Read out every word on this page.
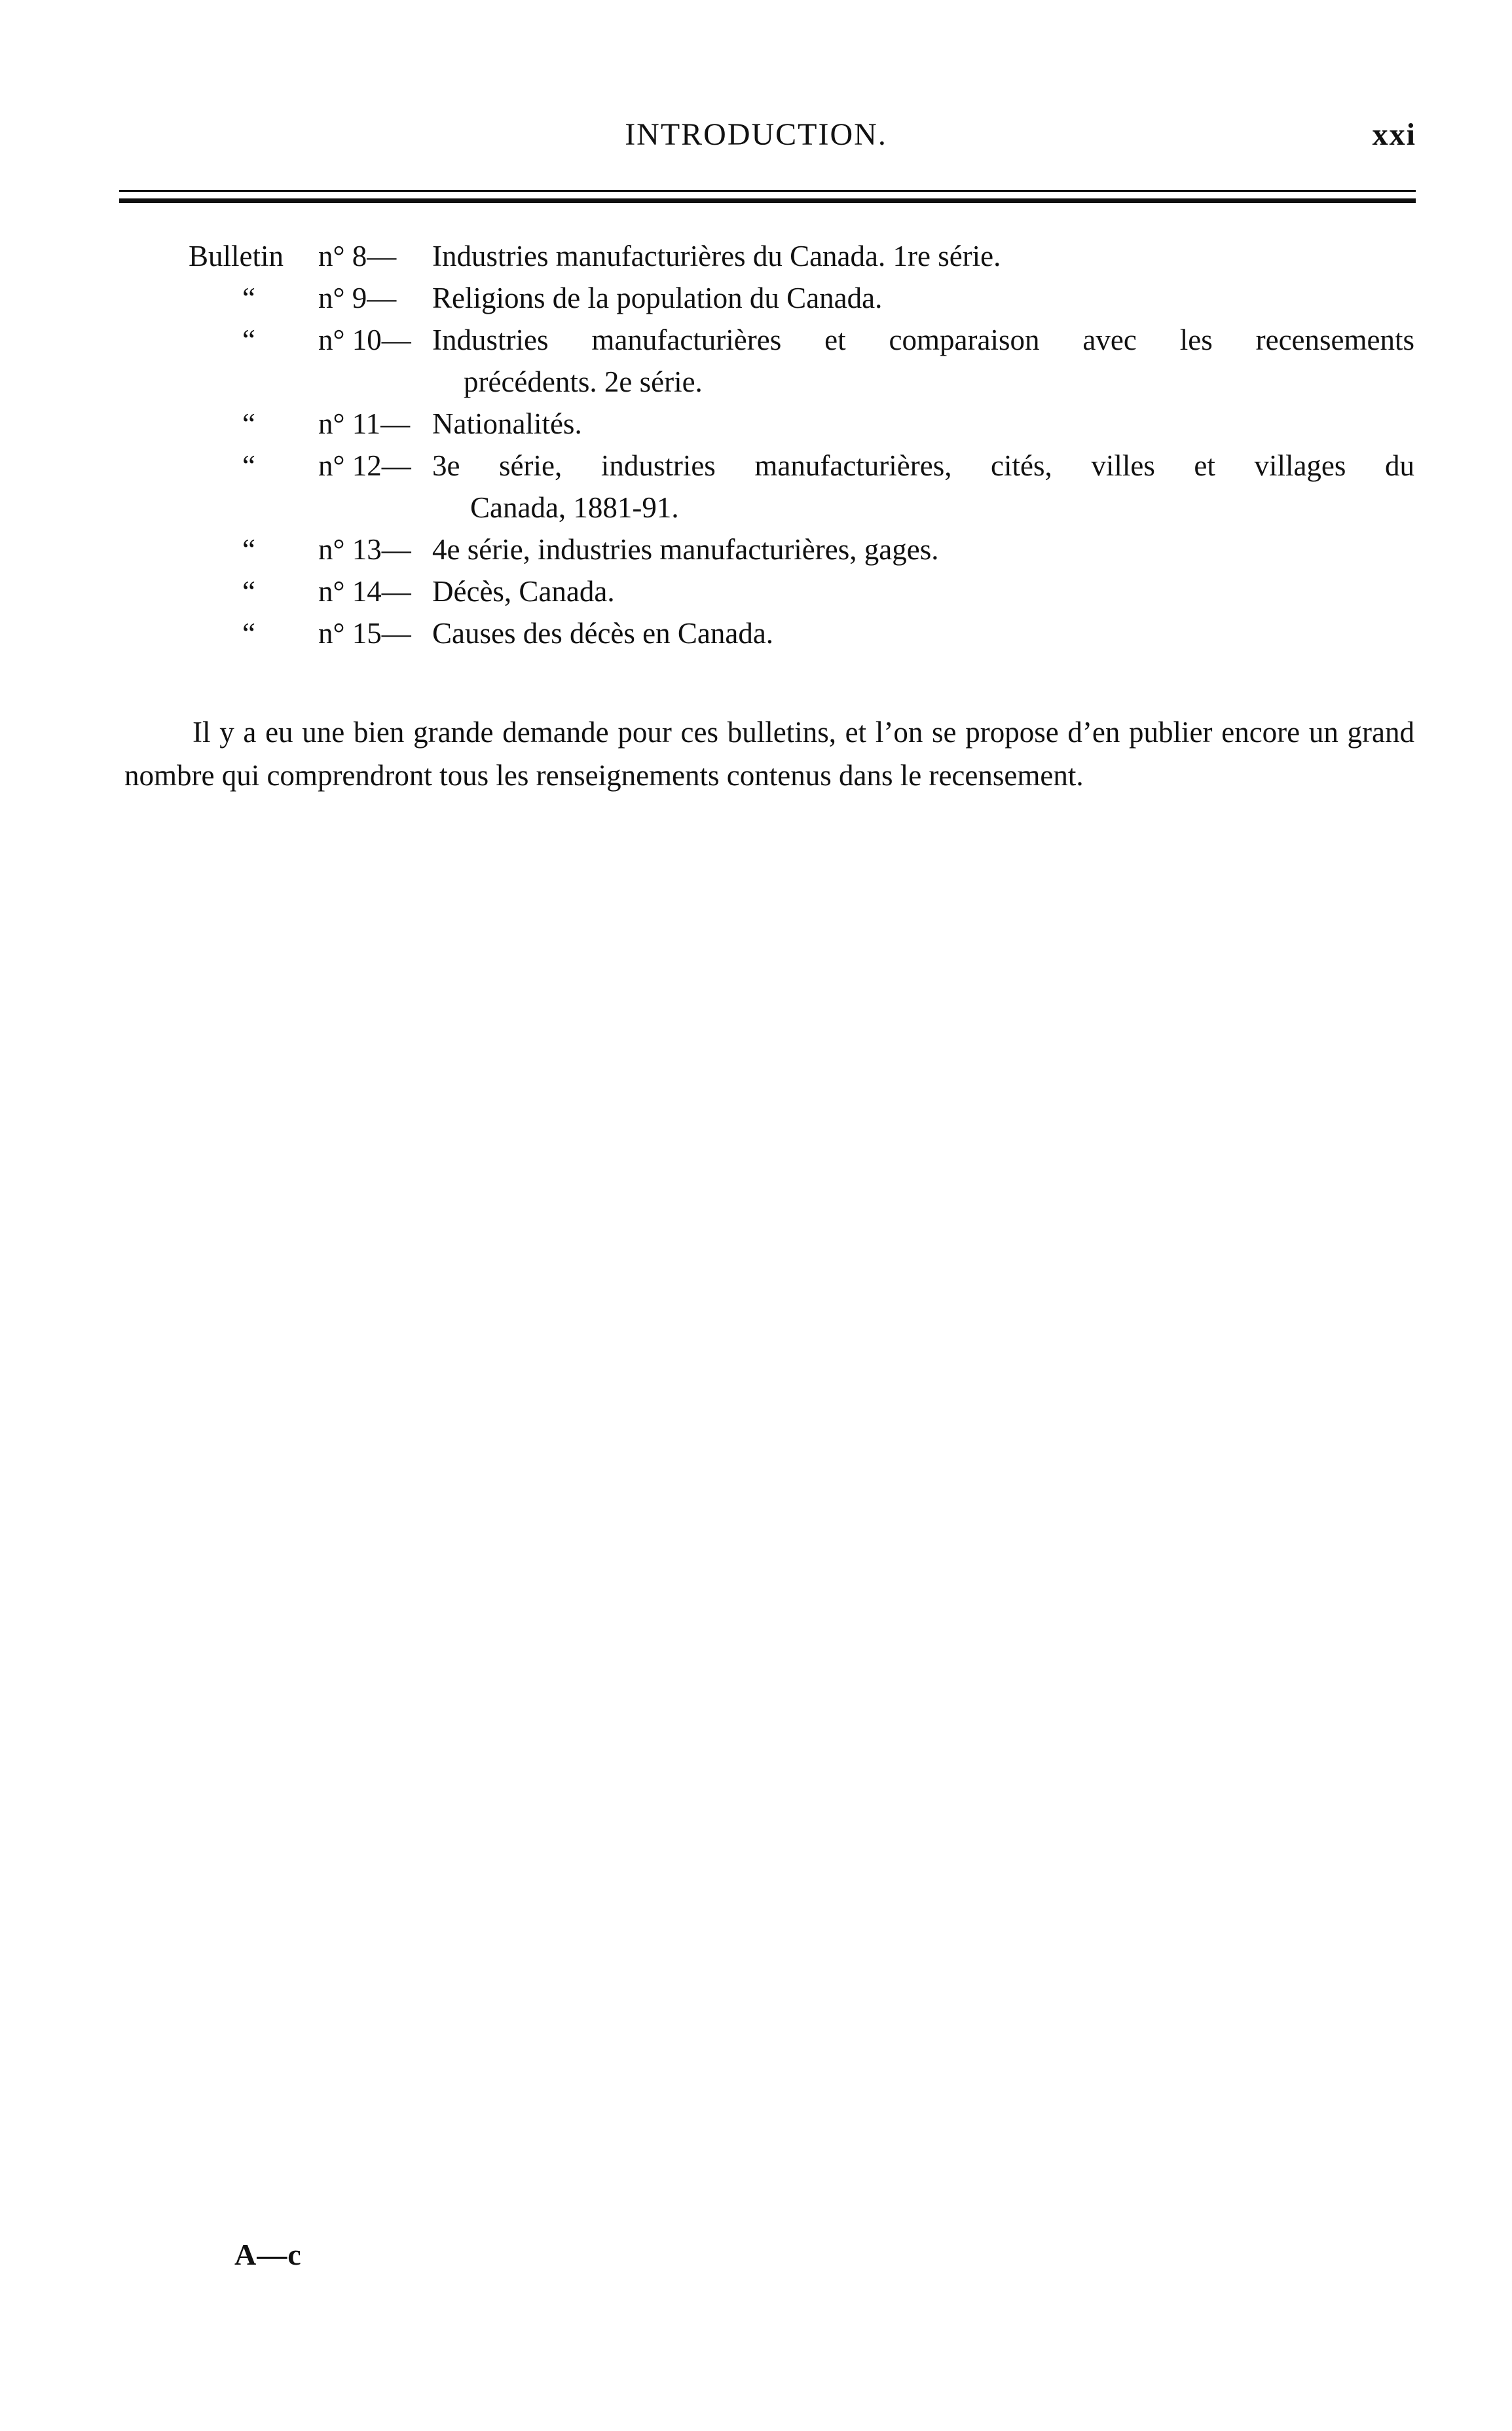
INTRODUCTION.	xxi
Bulletin n° 8— Industries manufacturières du Canada. 1re série.
“ n° 9— Religions de la population du Canada.
“ n° 10— Industries manufacturières et comparaison avec les recensements
précédents. 2e série.
“ n° 11— Nationalités.
“ n° 12— 3e série, industries manufacturières, cités, villes et villages du
Canada, 1881-91.
“ n° 13— 4e série, industries manufacturières, gages.
“ n° 14— Décès, Canada.
“ n° 15— Causes des décès en Canada.

Il y a eu une bien grande demande pour ces bulletins, et l’on se propose d’en publier encore un grand nombre qui comprendront tous les renseignements contenus dans le recensement.

A—c
